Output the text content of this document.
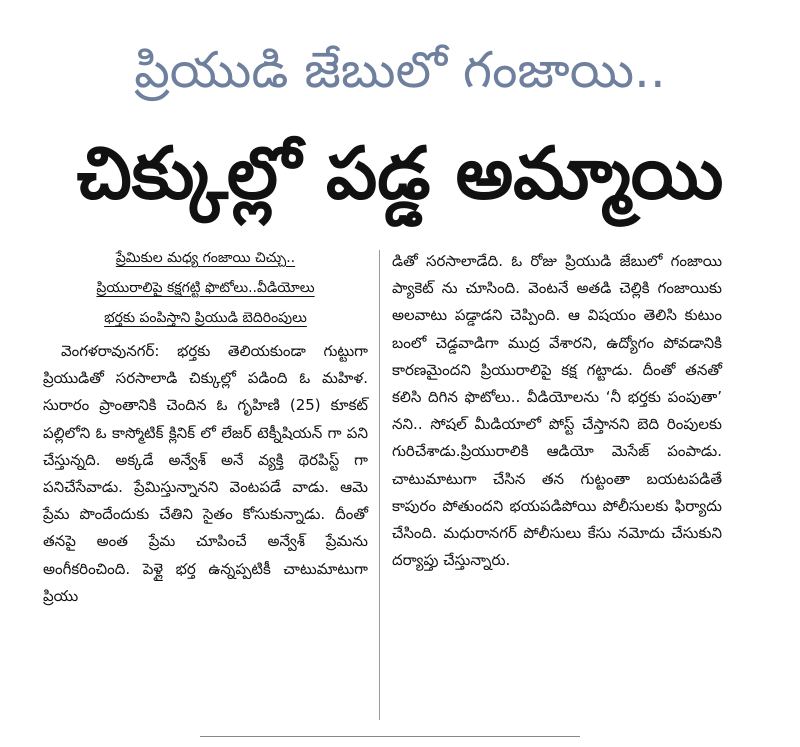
ప్రియుడి జేబులో గంజాయి..
చిక్కుల్లో పడ్డ అమ్మాయి
ప్రేమికుల మధ్య గంజాయి చిచ్చు..
ప్రియురాలిపై కక్షగట్టి ఫొటోలు..వీడియోలు
భర్తకు పంపిస్తాని ప్రియుడి బెదిరింపులు

వెంగళరావునగర్: భర్తకు తెలియకుండా గుట్టుగా ప్రియుడితో సరసాలాడి చిక్కుల్లో పడింది ఓ మహిళ. సురారం ప్రాంతానికి చెందిన ఓ గృహిణి (25) కూకట్ పల్లిలోని ఓ కాస్మోటిక్ క్లినిక్ లో లేజర్ టెక్నీషియన్ గా పని చేస్తున్నది. అక్కడే అన్వేశ్ అనే వ్యక్తి థెరపిస్ట్ గా పనిచేసేవాడు. ప్రేమిస్తున్నానని వెంటపడే వాడు. ఆమె ప్రేమ పొందేందుకు చేతిని సైతం కోసుకున్నాడు. దీంతో తనపై అంత ప్రేమ చూపించే అన్వేశ్ ప్రేమను అంగీకరించింది. పెళ్లై భర్త ఉన్నప్పటికీ చాటుమాటుగా ప్రియు

డితో సరసాలాడేది. ఓ రోజు ప్రియుడి జేబులో గంజాయి ప్యాకెట్ ను చూసింది. వెంటనే అతడి చెల్లికి గంజాయికు అలవాటు పడ్డాడని చెప్పింది. ఆ విషయం తెలిసి కుటుం బంలో చెడ్డవాడిగా ముద్ర వేశారని, ఉద్యోగం పోవడానికి కారణమైందని ప్రియురాలిపై కక్ష గట్టాడు. దీంతో తనతో కలిసి దిగిన ఫొటోలు.. వీడియోలను ‘నీ భర్తకు పంపుతా’ నని.. సోషల్ మీడియాలో పోస్ట్ చేస్తానని బెది రింపులకు గురిచేశాడు.ప్రియురాలికి ఆడియో మెసేజ్ పంపాడు. చాటుమాటుగా చేసిన తన గుట్టంతా బయటపడితే కాపురం పోతుందని భయపడిపోయి పోలీసులకు ఫిర్యాదు చేసింది. మధురానగర్ పోలీసులు కేసు నమోదు చేసుకుని దర్యాప్తు చేస్తున్నారు.
